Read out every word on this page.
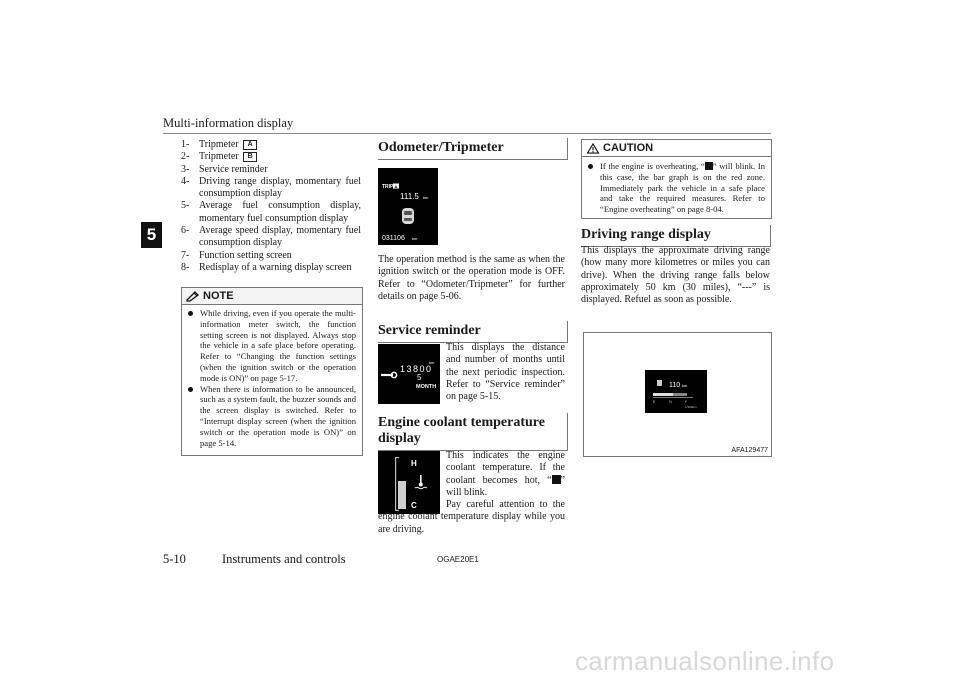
Multi-information display
5
1- Tripmeter A
2- Tripmeter B
3- Service reminder
4- Driving range display, momentary fuel consumption display
5- Average fuel consumption display, momentary fuel consumption display
6- Average speed display, momentary fuel consumption display
7- Function setting screen
8- Redisplay of a warning display screen
NOTE
While driving, even if you operate the multi-information meter switch, the function setting screen is not displayed. Always stop the vehicle in a safe place before operating. Refer to “Changing the function settings (when the ignition switch or the operation mode is ON)” on page 5-17.
When there is information to be announced, such as a system fault, the buzzer sounds and the screen display is switched. Refer to “Interrupt display screen (when the ignition switch or the operation mode is ON)” on page 5-14.
Odometer/Tripmeter
TRIP A
111.5 km
031106 km
The operation method is the same as when the ignition switch or the operation mode is OFF. Refer to “Odometer/Tripmeter” for further details on page 5-06.
Service reminder
13800
km
5
MONTH
This displays the distance and number of months until the next periodic inspection. Refer to “Service reminder” on page 5-15.
Engine coolant temperature
display
H
C
This indicates the engine coolant temperature. If the coolant becomes hot, “ ” will blink.
Pay careful attention to the engine coolant temperature display while you are driving.
CAUTION
If the engine is overheating, “ ” will blink. In this case, the bar graph is on the red zone. Immediately park the vehicle in a safe place and take the required measures. Refer to “Engine overheating” on page 8-04.
Driving range display
This displays the approximate driving range (how many more kilometres or miles you can drive). When the driving range falls below approximately 50 km (30 miles), “---” is displayed. Refuel as soon as possible.
110 km
E	½	F
L/100km
AFA129477
5-10	Instruments and controls	OGAE20E1
carmanualsonline.info
